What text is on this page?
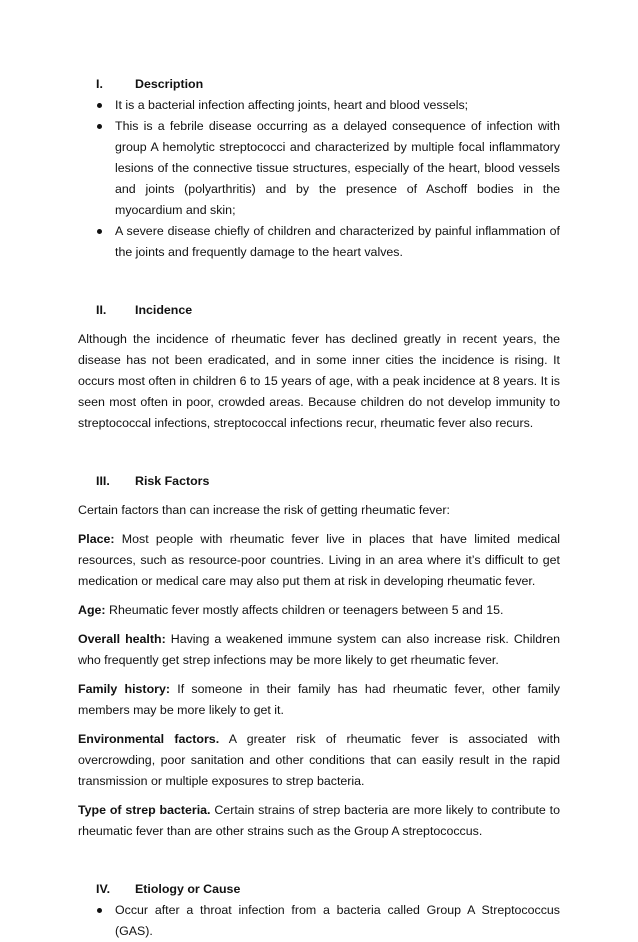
I.	Description
It is a bacterial infection affecting joints, heart and blood vessels;
This is a febrile disease occurring as a delayed consequence of infection with group A hemolytic streptococci and characterized by multiple focal inflammatory lesions of the connective tissue structures, especially of the heart, blood vessels and joints (polyarthritis) and by the presence of Aschoff bodies in the myocardium and skin;
A severe disease chiefly of children and characterized by painful inflammation of the joints and frequently damage to the heart valves.
II.	Incidence

Although the incidence of rheumatic fever has declined greatly in recent years, the disease has not been eradicated, and in some inner cities the incidence is rising. It occurs most often in children 6 to 15 years of age, with a peak incidence at 8 years. It is seen most often in poor, crowded areas. Because children do not develop immunity to streptococcal infections, streptococcal infections recur, rheumatic fever also recurs.

III.	Risk Factors

Certain factors than can increase the risk of getting rheumatic fever:

Place: Most people with rheumatic fever live in places that have limited medical resources, such as resource-poor countries. Living in an area where it’s difficult to get medication or medical care may also put them at risk in developing rheumatic fever.

Age: Rheumatic fever mostly affects children or teenagers between 5 and 15.

Overall health: Having a weakened immune system can also increase risk. Children who frequently get strep infections may be more likely to get rheumatic fever.

Family history: If someone in their family has had rheumatic fever, other family members may be more likely to get it.

Environmental factors. A greater risk of rheumatic fever is associated with overcrowding, poor sanitation and other conditions that can easily result in the rapid transmission or multiple exposures to strep bacteria.

Type of strep bacteria. Certain strains of strep bacteria are more likely to contribute to rheumatic fever than are other strains such as the Group A streptococcus.

IV.	Etiology or Cause
Occur after a throat infection from a bacteria called Group A Streptococcus (GAS).
